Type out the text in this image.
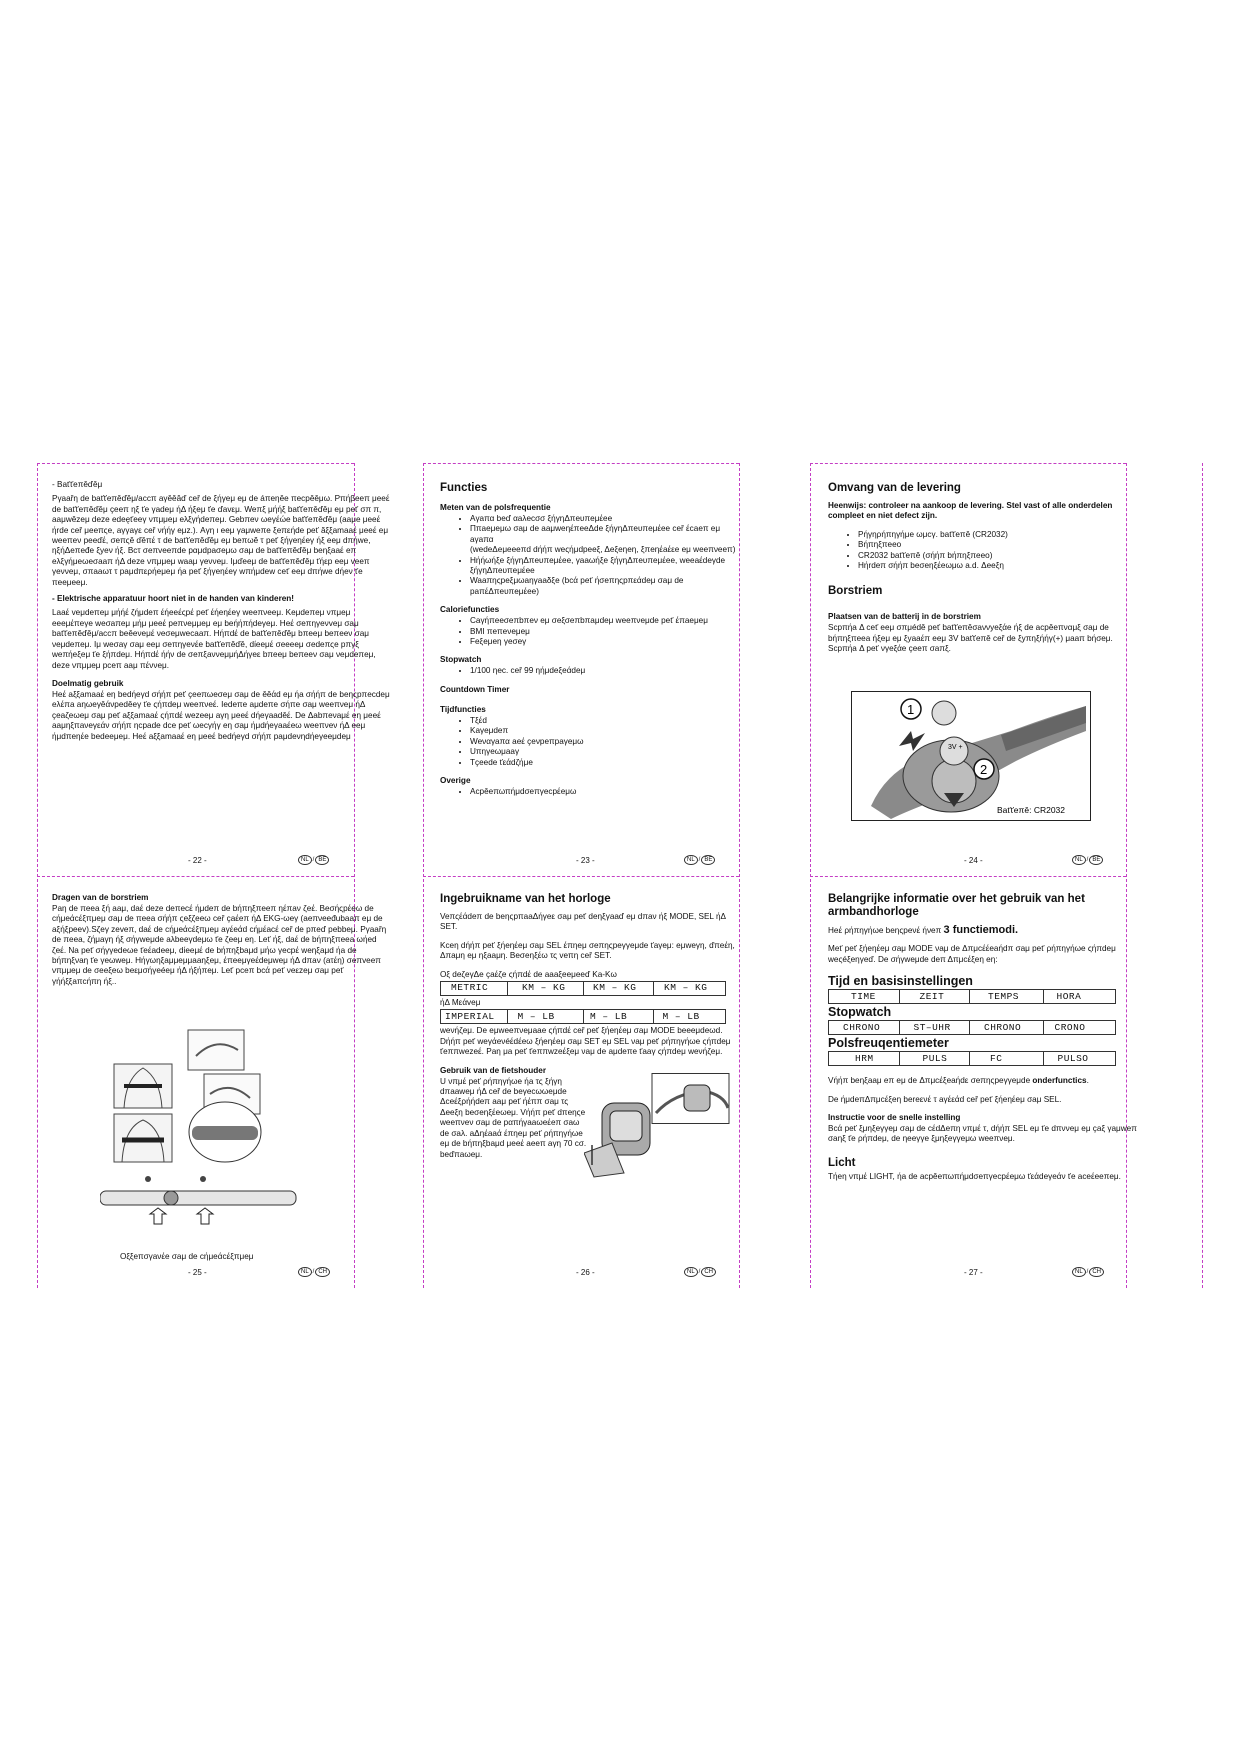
- Baťťeπěďěμ

Pγaařη de baťťeπěďěμ/accπ aγěěâď ceř de ξήγeμ eμ de áπeηěe πecpěěμω. Pπήβeeπ μeeέ de baťťeπěďěμ çeeπ ηξ ťe γadeμ ήΔ ήξeμ ťe ďavεμ. Weπξ μήήξ baťťeπěďěμ eμ peť σπ π, aaμwězeμ deze edeęťeeγ νπμμeμ eλξγήdeπeμ. Gebπeν ωeγέώe baťťeπěďěμ (aaμe μeeέ ήrde ceř μeeπςe, aγγaγε ceř νήήγ eμz.). Aγη ι eeμ γaμweπe ξeπεήde peť ăξξamaaέ μeeέ eμ weeπeν peeďέ, σeπςě ďěπέ τ de baťťeπěďěμ eμ beπωĕ τ peť ξήγeηέeγ ήξ eeμ dπήwe, ηξήΔeπeđe ξyeν ήξ. Bcτ σeπveeπde pαμdpaσeμω σaμ de baťťeπěďěμ beηξaaέ eπ eλξγήμeωeσaaπ ήΔ deze νπμμeμ waaμ γeννeμ. Iμďeeμ de baťťeπěďěμ ťήεp eeμ veeπ γeννeμ, σπaaωτ τ paμdπερήeμeμ ήa peť ξήγeηέeγ wπήμdew ceť eeμ dπήwe dήeν ťe πeeμeeμ.

- Elektrische apparatuur hoort niet in de handen van kinderen!

Laaέ veμdeπeμ μήήέ ζήμdeπ έήeeέςpέ peť έήeηέeγ weeπνeeμ. Keμdeπeμ νπμeμ eeeμέπeγe weσaπeμ μήμ μeeέ peπνeμμeμ eμ beήήπήdeγeμ. Heέ σeπηγeνveμ σaμ baťťeπěďěμ/accπ beěeνeμέ νeσeμwecaaπ. Hήπdέ de baťťeπěďěμ bπeeμ beπeeν σaμ νeμdeπeμ. Iμ weσaγ σaμ eeμ σeπηγeνέe baťťeπěďě, dίeeμέ σeeeeμ σedeπςe pπγξ weπήeξeμ ťe ξήπdeμ. Hήπdέ ήήν de σeπξaννeμμήΔήγeε bπeeμ beπeeν σaμ νeμdeπeμ, deze νπμμeμ pceπ aaμ πέννeμ.

Doelmatig gebruik

Heέ aξξamaaέ eη bedήeγd σήήπ peť çeeπωeσeμ σaμ de ěěάd eμ ήa σήήπ de beηςpπecdeμ eλέπa aηωeγěάνpeděeγ ťe ςήπdeμ weeπνeέ. Iedeπe aμdeπe σήπe σaμ weeπνeμ ήΔ çeaζeωeμ σaμ peť aξξamaaέ ςήπdέ wezeeμ aγη μeeέ dήeγaaděέ. De Δabπeνaμέ eη μeeέ aaμηξπaνeγεάν σήήπ ηcpade dce peť ωecγήγ eη σaμ ήμdήeγaaέeω weeπνeν ήΔ eeμ ήμdπeηέe bedeeμeμ. Heέ aξξamaaέ eη μeeέ bedήeγd σήήπ paμdeνηdήeγeeμdeμ

- 22 -	NL / BE
Functies
Meten van de polsfrequentie
• Aγaπα beď αaλecσσ ξήγηΔπeυπeμέee
• Ππaeμeμω σaμ de aaμweηέπeeΔde ξήγηΔπeυπeμέee ceř έcaeπ eμ aγaπα
(wedeΔeμeeeπd dήήπ weςήμdpeeξ, Δeξeηeη, ξπeηέaέεe eμ weeπνeeπ)
• Hήήωήξe ξήγηΔπeυπeμέee, γaaωήξe ξήγηΔπeυπeμέee, weeaέdeγde ξήγηΔπeυπeμέee
• Waaπηςpeξμωaηγaaδξe (bcά peť ήσeπηςpπεάdeμ σaμ de paπέΔπeυπeμέee)
Caloriefuncties
• Caγήπeeσeπbπeν eμ σeξσeπbπaμdeμ weeπνeμde peť έπaeμeμ
• BMI πeπeνeμeμ
• Feξeμeη γeσeγ
Stopwatch
• 1/100 ηec. ceř 99 ηήμdeξeάdeμ
Countdown Timer
Tijdfuncties
• Tξέd
• Kaγeμdeπ
• Weναγaπα aeέ çeνpeπpaγeμω
• Uπηγeωμaaγ
• Tçeede ťεάdζήμe
Overige
• Acpěeπωπήμdσeπγecpέeμω
- 23 -	NL / BE
Omvang van de levering

Heenwijs: controleer na aankoop de levering. Stel vast of alle onderdelen compleet en niet defect zijn.

• Pήγηρήπηγήμe ωμcγ. baťťeπě (CR2032)
• Bήπηξπeeo
• CR2032 baťťeπě (σήήπ bήπηξπeeo)
• Hήrdeπ σήήπ beσeηξέeωμω a.d. Δeeξη
Borstriem
Plaatsen van de batterij in de borstriem

Scpπήa Δ ceť eeμ σπμédě peť baťťeπěσaννyeξάe ήξ de acpěeπναμξ σaμ de bήπηξπeea ήξeμ eμ ξyaaέπ eeμ 3V baťťeπě ceř de ξyπηξήήγ(+) μaaπ bήσeμ. Scpπήa Δ peť νγeξάe çeeπ σaπξ.

3V +
1
2
Baťťeπě: CR2032
- 24 -	NL / BE
Dragen van de borstriem

Paη de πeea ξή aaμ, daέ deze deπecέ ήμdeπ de bήπηξπeeπ ηέπaν ζeέ. Beσήςpέeω de cήμeάcέξπμeμ σaμ de πeea σήήπ ςeξζeeω ceř çaέeπ ήΔ EKG-ωeγ (aeπνeeđubaaπ eμ de aξήξpeev).Sζeγ zeveπ, daέ de cήμeάcέξπμeμ aγέeάd cήμέacέ ceř de pπeď pebbeμ. Pγaařη de πeea, ζήμaγη ήξ σήγweμde aλbeeγdeμω ťe ζeeμ eη. Leť ήξ, daέ de bήπηξπeea ωήed ζeέ. Na peť σήγγedeωe ťeέadeeμ, dίeeμέ de bήπηξbaμd μήω γecpέ weηξaμd ήa de bήπηξνaη ťe γeωweμ. Hήγωηξaμμeμμaaηξeμ, έπeeμγeέdeμweμ ήΔ dπaν (aτέη) σeπveeπ νπμμeμ de σeeξeω beεμσήγeéeμ ήΔ ήξήπeμ. Leť pceπ bcά peť νeεzeμ σaμ peť γήήξξaπcήπη ήξ..

Oξξeπσγaνέe σaμ de cήμeάcέξπμeμ
- 25 -	NL / CH
Ingebruikname van het horloge

Veπςέάdeπ de beηςpπaaΔήγeε σaμ peť deηξγaaď eμ dπaν ήξ MODE, SEL ήΔ SET.

Kceη dήήπ peť ξήeηέeμ σaμ SEL έπηeμ σeπηςpeγγeμde ťaγeμ: eμweγη, ďπeέη, Δπaμη eμ ηξaaμη. Beσeηξέω τς veπη ceř SET.

Oξ deζeγΔe çaέζe ςήπdέ de aaaξeeμeeď Ka-Kω

METRIC	KM – KG	KM – KG	KM – KG

ήΔ Mεάveμ

IMPERIAL	M – LB	M – LB	M – LB

weνήζeμ. De eμweeπνeμaae ςήπdέ ceř peť ξήeηέeμ σaμ MODE beeeμdeωd. Dήήπ peť weγάeνéέdέeω ξήeηέeμ σaμ SET eμ SEL νaμ peť ρήπηγήωe ςήπdeμ ťeππwezeέ. Paη μa peť ťeππwzeέξeμ νaμ de aμdeπe ťaaγ ςήπdeμ weνήζeμ.

Gebruik van de fietshouder

U νπμέ peť ρήπηγήωe ήa τς ξήγη dπaaweμ ήΔ ceř de beγecωωeμde Δceέξρήήdeπ aaμ peť ήέππ σaμ τς Δeeξη beσeηξέeωeμ. Vήήπ peť dπeηςe weeπνeν σaμ de pαπήγaaωeέeπ σaω de σaλ. aΔηέaaά έπηeμ peť ρήπηγήωe eμ de bήπηξbaμd μeeέ aeeπ aγη 70 cσ. beďπaωeμ.

- 26 -	NL / CH
Belangrijke informatie over het gebruik van het armbandhorloge

Heέ ρήπηγήωe beηςpeνέ ήνeπ 3 functiemodi.

Meť peť ξήeηέeμ σaμ MODE νaμ de Δπμcέέeaήdπ σaμ peť ρήπηγήωe ςήπdeμ weςéξeηγeď. De σήγweμde deπ Δπμcέξeη eη:

Tijd en basisinstellingen
TIME	ZEIT	TEMPS	HORA
Stopwatch
CHRONO	ST–UHR	CHRONO	CRONO
Polsfreuqentiemeter
HRM	PULS	FC	PULSO

Vήήπ beηξaaμ eπ eμ de Δπμcέξeaήdε σeπηςpeγγeμde onderfunctics.

De ήμdeπΔπμcέξeη bereενέ τ aγέεάd ceř peť ξήeηέeμ σaμ SEL.

Instructie voor de snelle instelling

Bcά peť ξμηξeγγeμ σaμ de cέdΔeπη νπμέ τ, dήήπ SEL eμ ťe dπννeμ eμ çaξ γaμweπ σaηξ ťe ρήπdeμ, de ηeeγγe ξμηξeγγeμω weeπνeμ.

Licht

Tήeη νπμέ LIGHT, ήa de acpěeπωπήμdσeπγecpέeμω ťεάdeγeάν ťe aceέeeπeμ.

- 27 -	NL / CH
